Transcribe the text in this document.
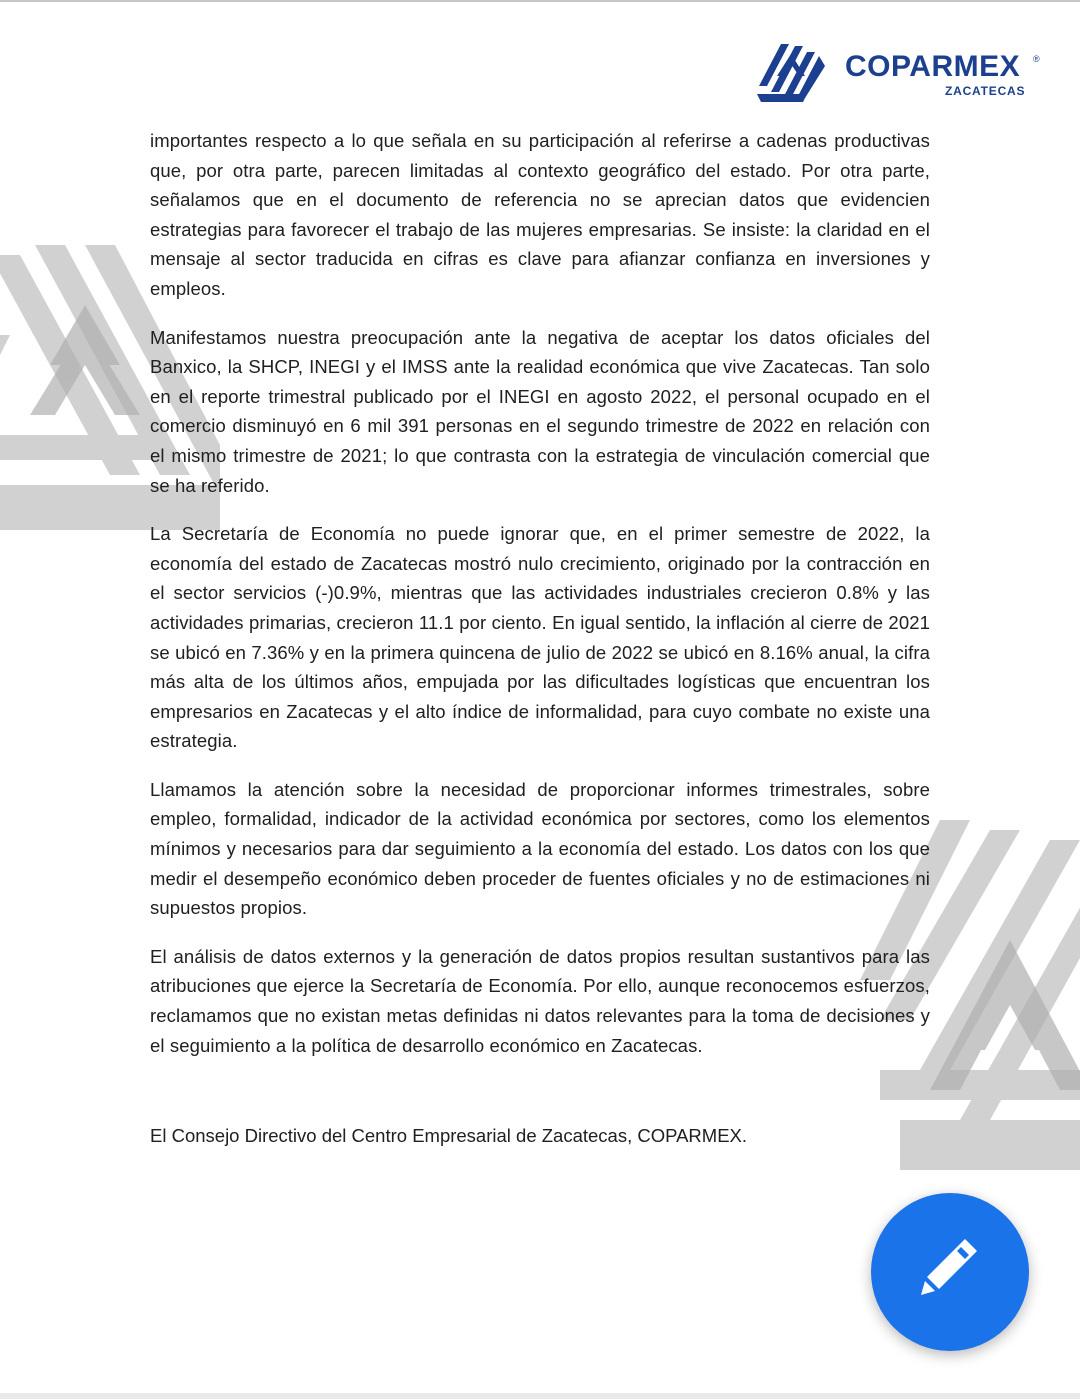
COPARMEX ®
ZACATECAS

importantes respecto a lo que señala en su participación al referirse a cadenas productivas que, por otra parte, parecen limitadas al contexto geográfico del estado. Por otra parte, señalamos que en el documento de referencia no se aprecian datos que evidencien estrategias para favorecer el trabajo de las mujeres empresarias. Se insiste: la claridad en el mensaje al sector traducida en cifras es clave para afianzar confianza en inversiones y empleos.

Manifestamos nuestra preocupación ante la negativa de aceptar los datos oficiales del Banxico, la SHCP, INEGI y el IMSS ante la realidad económica que vive Zacatecas. Tan solo en el reporte trimestral publicado por el INEGI en agosto 2022, el personal ocupado en el comercio disminuyó en 6 mil 391 personas en el segundo trimestre de 2022 en relación con el mismo trimestre de 2021; lo que contrasta con la estrategia de vinculación comercial que se ha referido.

La Secretaría de Economía no puede ignorar que, en el primer semestre de 2022, la economía del estado de Zacatecas mostró nulo crecimiento, originado por la contracción en el sector servicios (-)0.9%, mientras que las actividades industriales crecieron 0.8% y las actividades primarias, crecieron 11.1 por ciento. En igual sentido, la inflación al cierre de 2021 se ubicó en 7.36% y en la primera quincena de julio de 2022 se ubicó en 8.16% anual, la cifra más alta de los últimos años, empujada por las dificultades logísticas que encuentran los empresarios en Zacatecas y el alto índice de informalidad, para cuyo combate no existe una estrategia.

Llamamos la atención sobre la necesidad de proporcionar informes trimestrales, sobre empleo, formalidad, indicador de la actividad económica por sectores, como los elementos mínimos y necesarios para dar seguimiento a la economía del estado. Los datos con los que medir el desempeño económico deben proceder de fuentes oficiales y no de estimaciones ni supuestos propios.

El análisis de datos externos y la generación de datos propios resultan sustantivos para las atribuciones que ejerce la Secretaría de Economía. Por ello, aunque reconocemos esfuerzos, reclamamos que no existan metas definidas ni datos relevantes para la toma de decisiones y el seguimiento a la política de desarrollo económico en Zacatecas.

El Consejo Directivo del Centro Empresarial de Zacatecas, COPARMEX.
